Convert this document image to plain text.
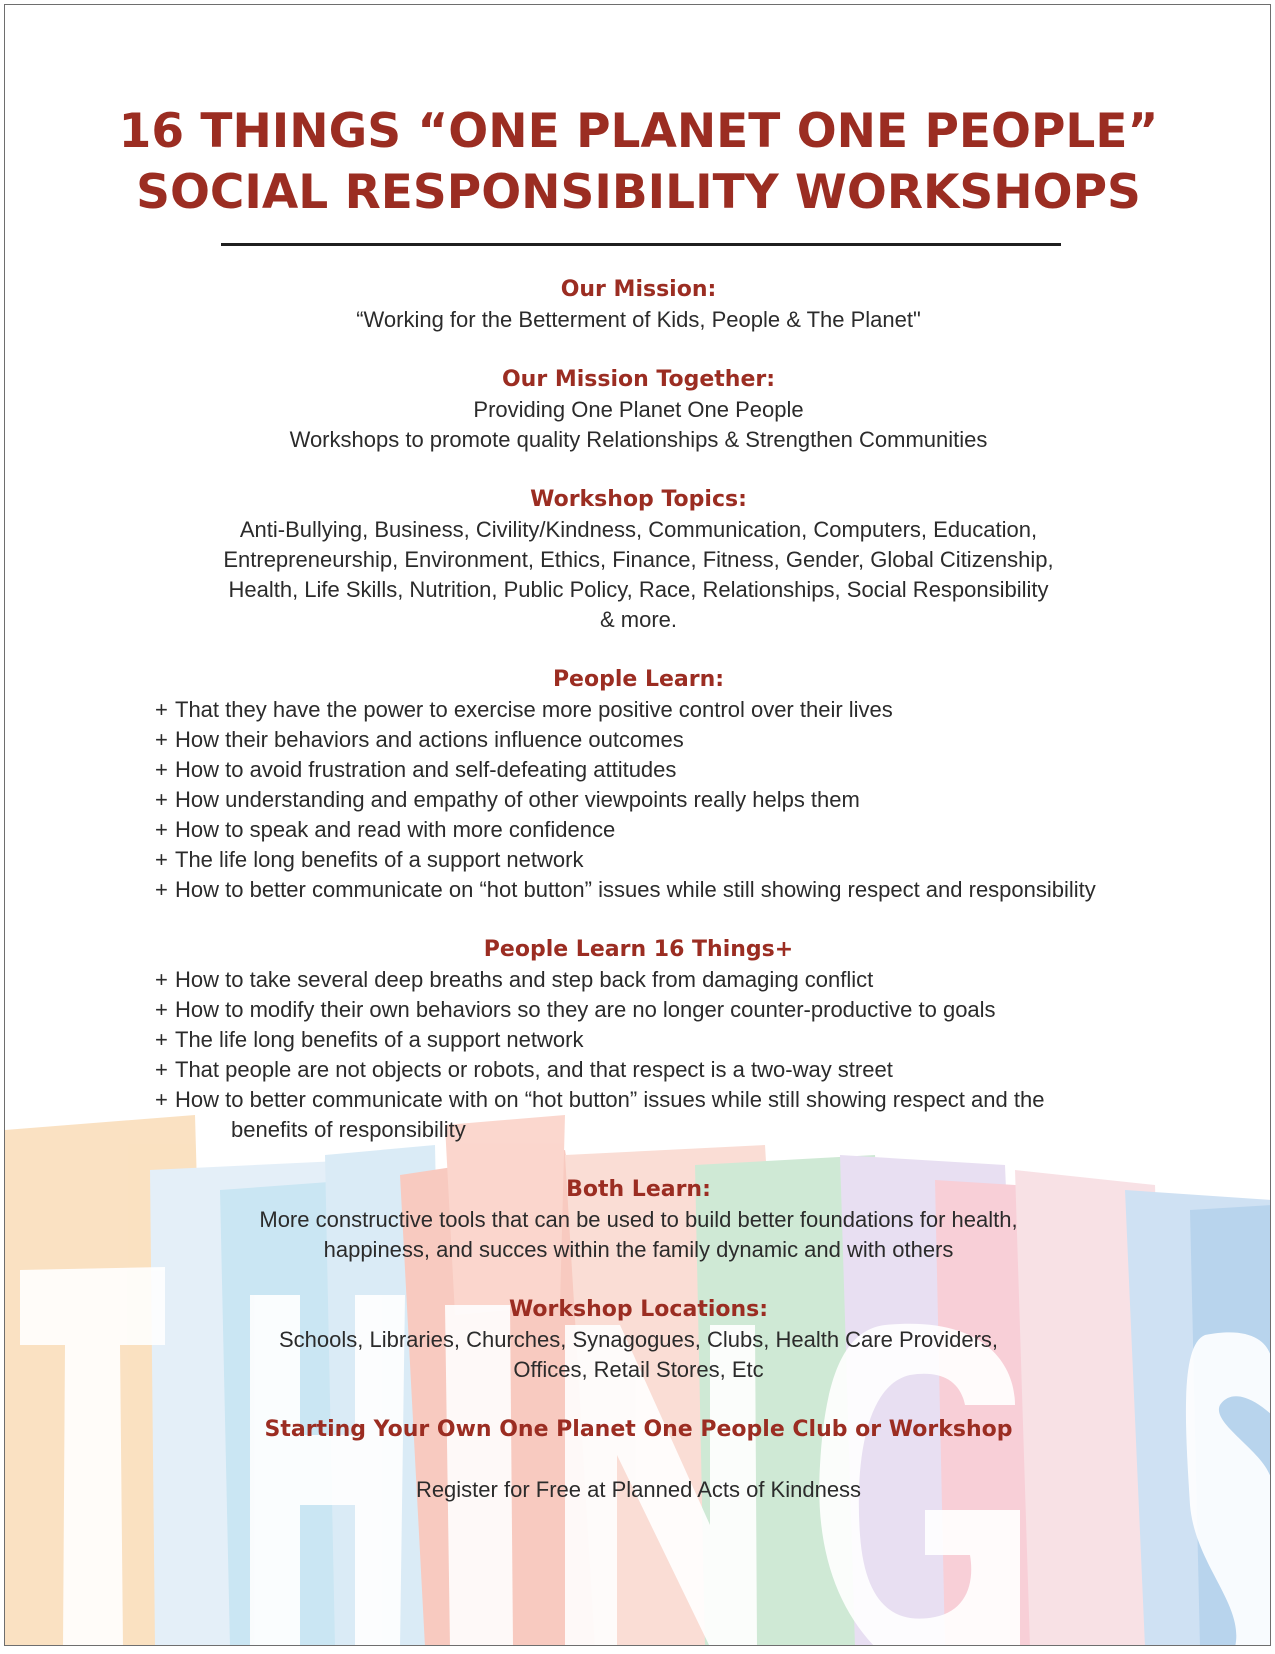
16 THINGS “ONE PLANET ONE PEOPLE”
SOCIAL RESPONSIBILITY WORKSHOPS
Our Mission:
“Working for the Betterment of Kids, People & The Planet"
Our Mission Together:
Providing One Planet One People
Workshops to promote quality Relationships & Strengthen Communities
Workshop Topics:
Anti-Bullying, Business, Civility/Kindness, Communication, Computers, Education,
Entrepreneurship, Environment, Ethics, Finance, Fitness, Gender, Global Citizenship,
Health, Life Skills, Nutrition, Public Policy, Race, Relationships, Social Responsibility
& more.
People Learn:
+ That they have the power to exercise more positive control over their lives
+ How their behaviors and actions influence outcomes
+ How to avoid frustration and self-defeating attitudes
+ How understanding and empathy of other viewpoints really helps them
+ How to speak and read with more confidence
+ The life long benefits of a support network
+ How to better communicate on “hot button” issues while still showing respect and responsibility
People Learn 16 Things+
+ How to take several deep breaths and step back from damaging conflict
+ How to modify their own behaviors so they are no longer counter-productive to goals
+ The life long benefits of a support network
+ That people are not objects or robots, and that respect is a two-way street
+ How to better communicate with on “hot button” issues while still showing respect and the
benefits of responsibility
Both Learn:
More constructive tools that can be used to build better foundations for health,
happiness, and succes within the family dynamic and with others
Workshop Locations:
Schools, Libraries, Churches, Synagogues, Clubs, Health Care Providers,
Offices, Retail Stores, Etc
Starting Your Own One Planet One People Club or Workshop
Register for Free at Planned Acts of Kindness
